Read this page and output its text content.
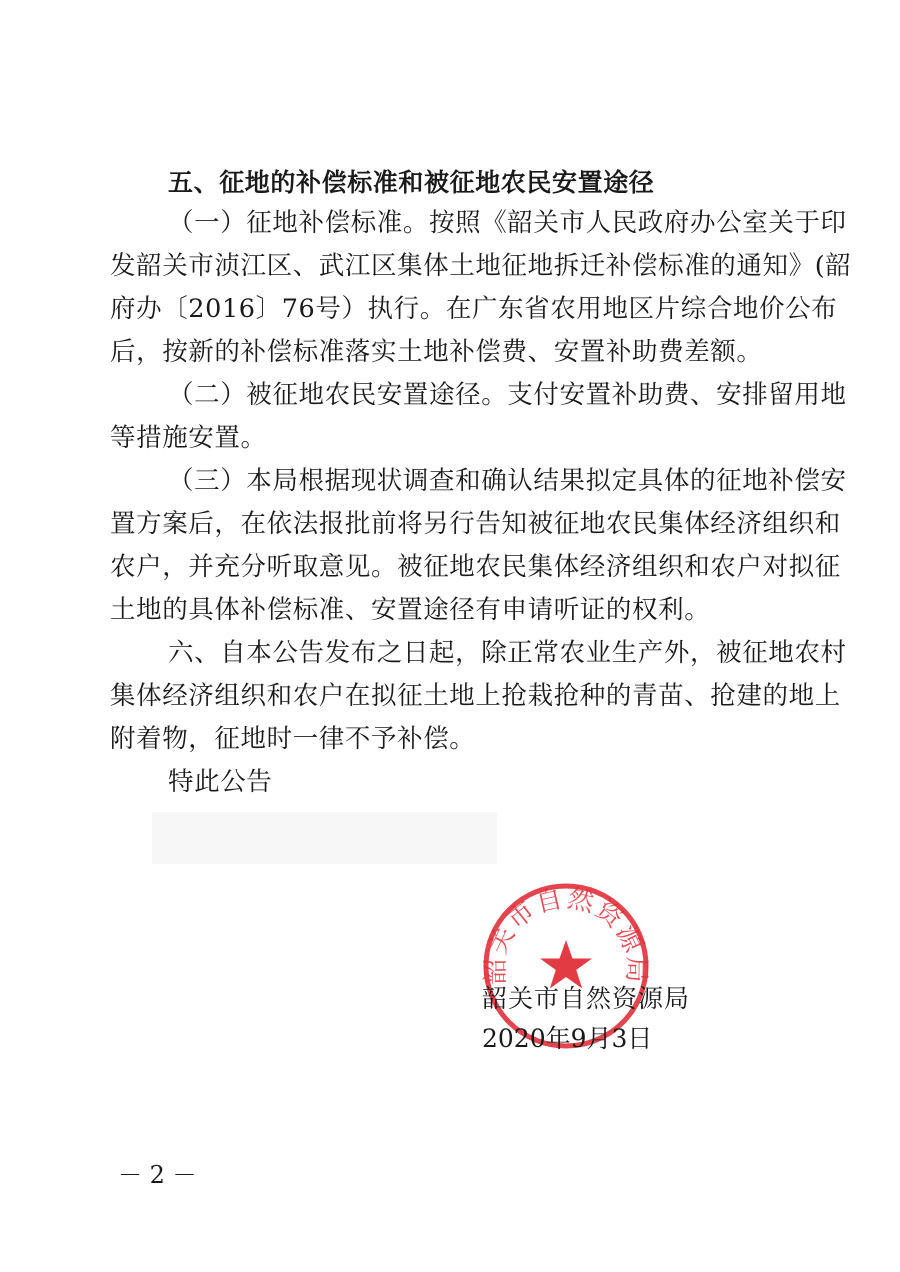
五、征地的补偿标准和被征地农民安置途径
（一）征地补偿标准。按照《韶关市人民政府办公室关于印
发韶关市浈江区、武江区集体土地征地拆迁补偿标准的通知》(韶
府办〔2016〕76号）执行。在广东省农用地区片综合地价公布
后，按新的补偿标准落实土地补偿费、安置补助费差额。
（二）被征地农民安置途径。支付安置补助费、安排留用地
等措施安置。
（三）本局根据现状调查和确认结果拟定具体的征地补偿安
置方案后，在依法报批前将另行告知被征地农民集体经济组织和
农户，并充分听取意见。被征地农民集体经济组织和农户对拟征
土地的具体补偿标准、安置途径有申请听证的权利。
六、自本公告发布之日起，除正常农业生产外，被征地农村
集体经济组织和农户在拟征土地上抢栽抢种的青苗、抢建的地上
附着物，征地时一律不予补偿。
特此公告
韶关市自然资源局
韶关市自然资源局
2020年9月3日
－ 2 －
